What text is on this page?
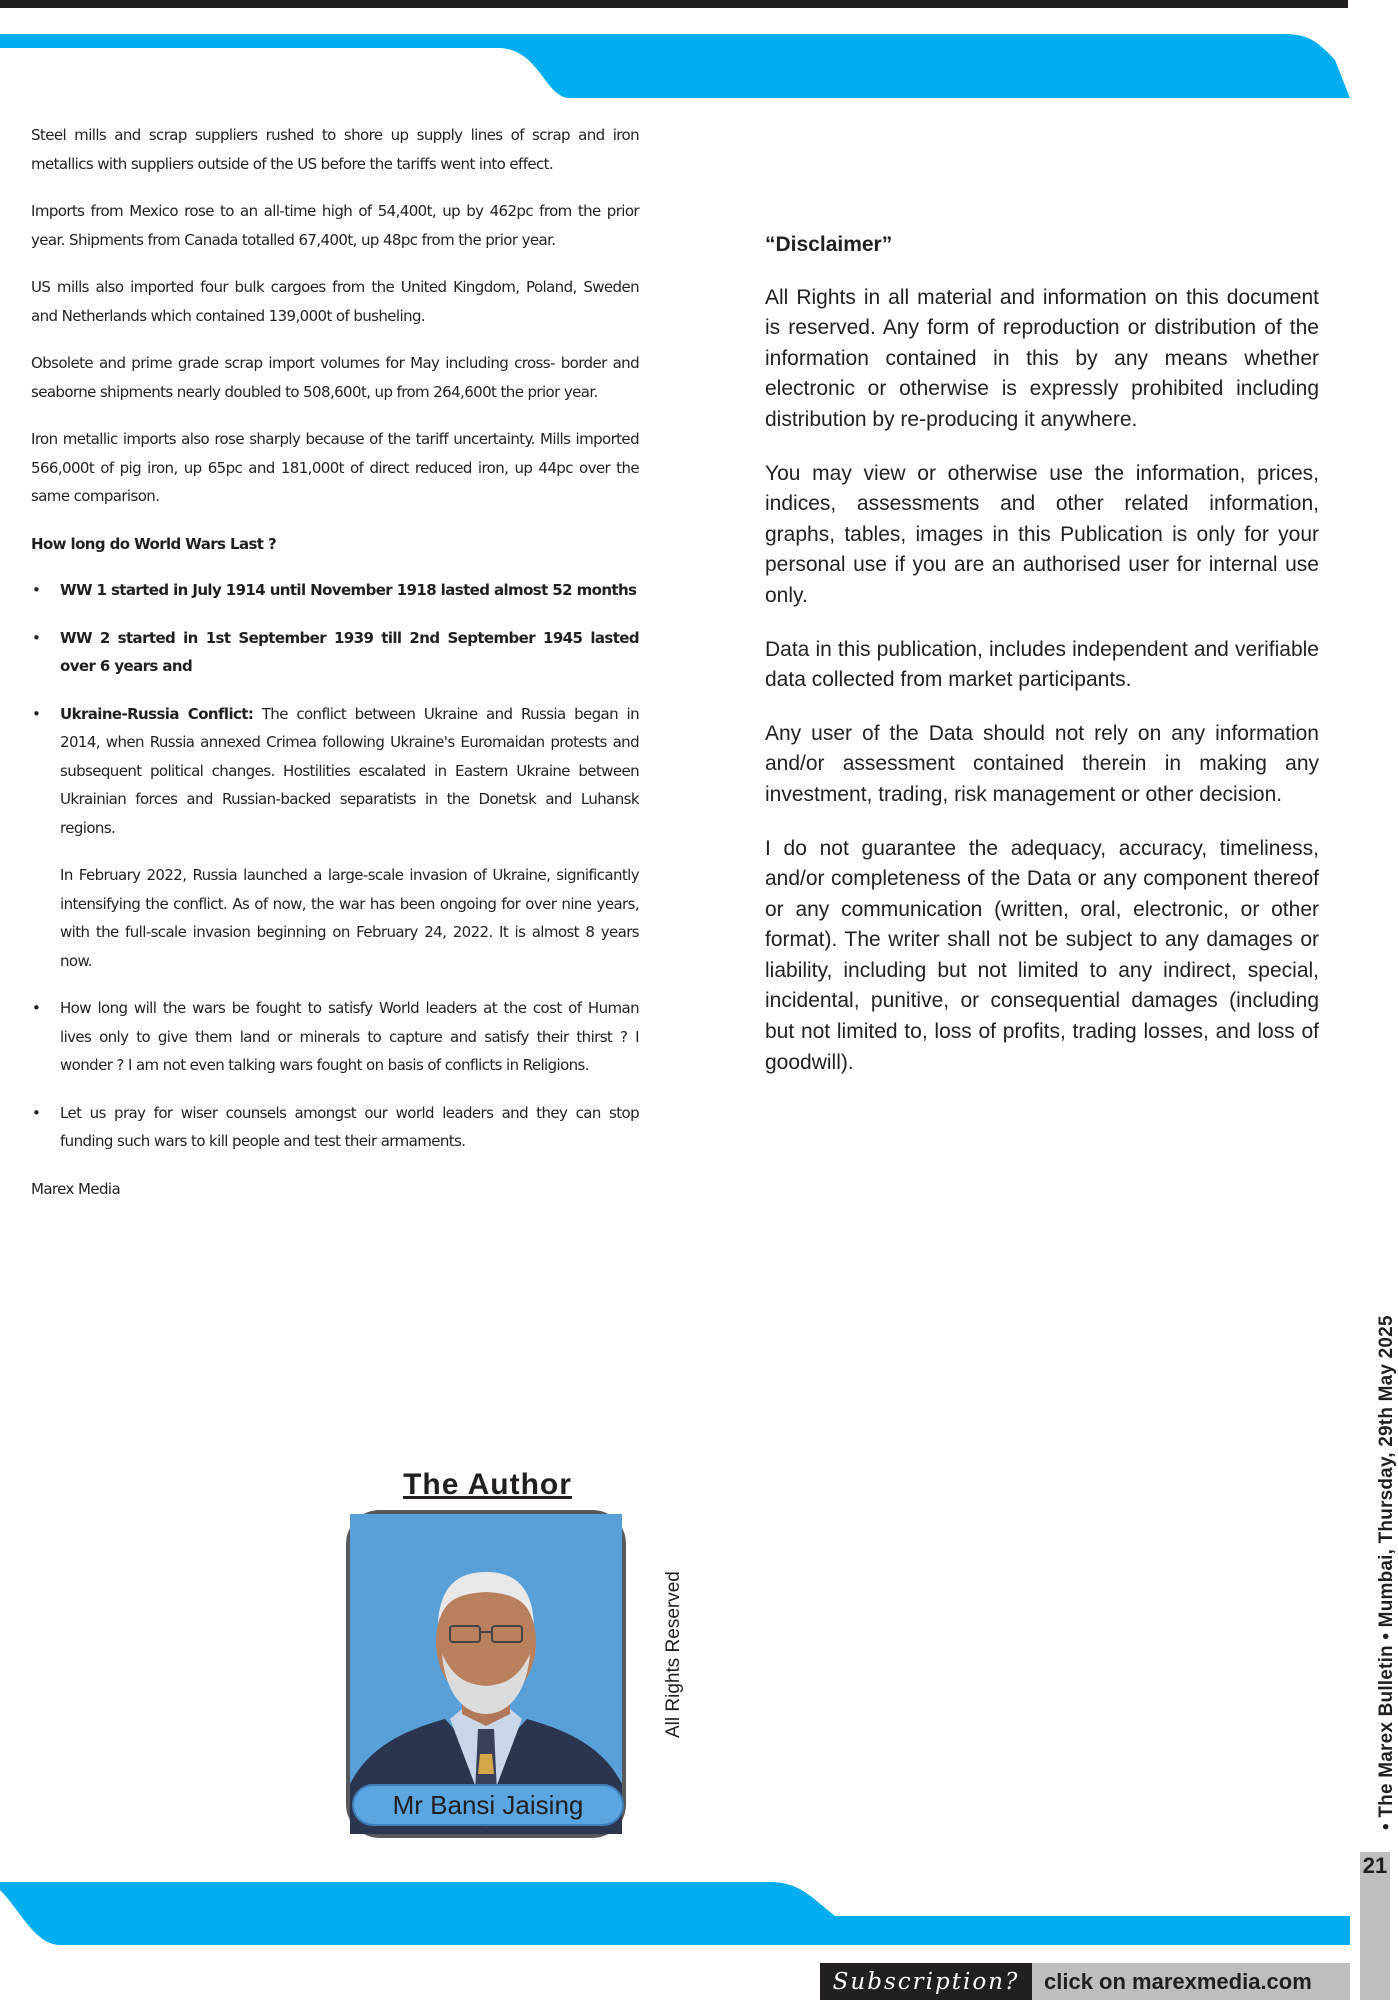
• The Marex Bulletin • Mumbai, Thursday, 29th May 2025
21

Steel mills and scrap suppliers rushed to shore up supply lines of scrap and iron metallics with suppliers outside of the US before the tariffs went into effect.

Imports from Mexico rose to an all-time high of 54,400t, up by 462pc from the prior year. Shipments from Canada totalled 67,400t, up 48pc from the prior year.

US mills also imported four bulk cargoes from the United Kingdom, Poland, Sweden and Netherlands which contained 139,000t of busheling.

Obsolete and prime grade scrap import volumes for May including cross- border and seaborne shipments nearly doubled to 508,600t, up from 264,600t the prior year.

Iron metallic imports also rose sharply because of the tariff uncertainty. Mills imported 566,000t of pig iron, up 65pc and 181,000t of direct reduced iron, up 44pc over the same comparison.

How long do World Wars Last ?
• WW 1 started in July 1914 until November 1918 lasted almost 52 months
• WW 2 started in 1st September 1939 till 2nd September 1945 lasted over 6 years and
• Ukraine-Russia Conflict: The conflict between Ukraine and Russia began in 2014, when Russia annexed Crimea following Ukraine's Euromaidan protests and subsequent political changes. Hostilities escalated in Eastern Ukraine between Ukrainian forces and Russian-backed separatists in the Donetsk and Luhansk regions.

In February 2022, Russia launched a large-scale invasion of Ukraine, significantly intensifying the conflict. As of now, the war has been ongoing for over nine years, with the full-scale invasion beginning on February 24, 2022. It is almost 8 years now.

• How long will the wars be fought to satisfy World leaders at the cost of Human lives only to give them land or minerals to capture and satisfy their thirst ? I wonder ? I am not even talking wars fought on basis of conflicts in Religions.
• Let us pray for wiser counsels amongst our world leaders and they can stop funding such wars to kill people and test their armaments.

Marex Media

“Disclaimer”

All Rights in all material and information on this document is reserved. Any form of reproduction or distribution of the information contained in this by any means whether electronic or otherwise is expressly prohibited including distribution by re-producing it anywhere.

You may view or otherwise use the information, prices, indices, assessments and other related information, graphs, tables, images in this Publication is only for your personal use if you are an authorised user for internal use only.

Data in this publication, includes independent and verifiable data collected from market participants.

Any user of the Data should not rely on any information and/or assessment contained therein in making any investment, trading, risk management or other decision.

I do not guarantee the adequacy, accuracy, timeliness, and/or completeness of the Data or any component thereof or any communication (written, oral, electronic, or other format). The writer shall not be subject to any damages or liability, including but not limited to any indirect, special, incidental, punitive, or consequential damages (including but not limited to, loss of profits, trading losses, and loss of goodwill).

The Author
Mr Bansi Jaising
All Rights Reserved
Subscription?	click on marexmedia.com
